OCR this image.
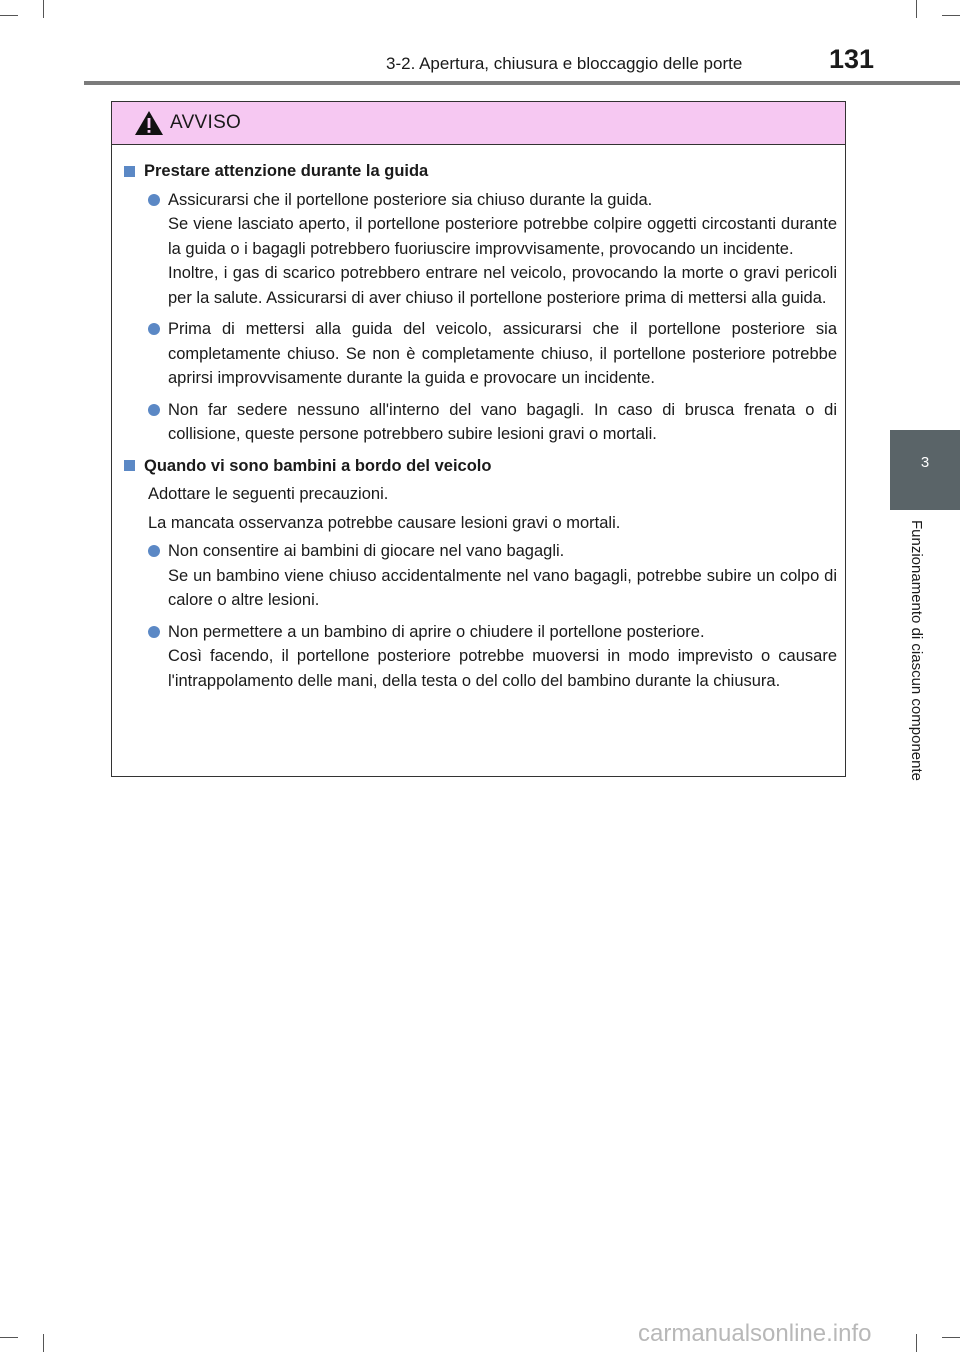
3-2. Apertura, chiusura e bloccaggio delle porte	131
3
Funzionamento di ciascun componente
AVVISO
Prestare attenzione durante la guida
Assicurarsi che il portellone posteriore sia chiuso durante la guida.
Se viene lasciato aperto, il portellone posteriore potrebbe colpire oggetti circostanti durante la guida o i bagagli potrebbero fuoriuscire improvvisamente, provocando un incidente.
Inoltre, i gas di scarico potrebbero entrare nel veicolo, provocando la morte o gravi pericoli per la salute. Assicurarsi di aver chiuso il portellone posteriore prima di mettersi alla guida.
Prima di mettersi alla guida del veicolo, assicurarsi che il portellone posteriore sia completamente chiuso. Se non è completamente chiuso, il portellone posteriore potrebbe aprirsi improvvisamente durante la guida e provocare un incidente.
Non far sedere nessuno all'interno del vano bagagli. In caso di brusca frenata o di collisione, queste persone potrebbero subire lesioni gravi o mortali.
Quando vi sono bambini a bordo del veicolo
Adottare le seguenti precauzioni.
La mancata osservanza potrebbe causare lesioni gravi o mortali.
Non consentire ai bambini di giocare nel vano bagagli.
Se un bambino viene chiuso accidentalmente nel vano bagagli, potrebbe subire un colpo di calore o altre lesioni.
Non permettere a un bambino di aprire o chiudere il portellone posteriore.
Così facendo, il portellone posteriore potrebbe muoversi in modo imprevisto o causare l'intrappolamento delle mani, della testa o del collo del bambino durante la chiusura.
carmanualsonline.info
